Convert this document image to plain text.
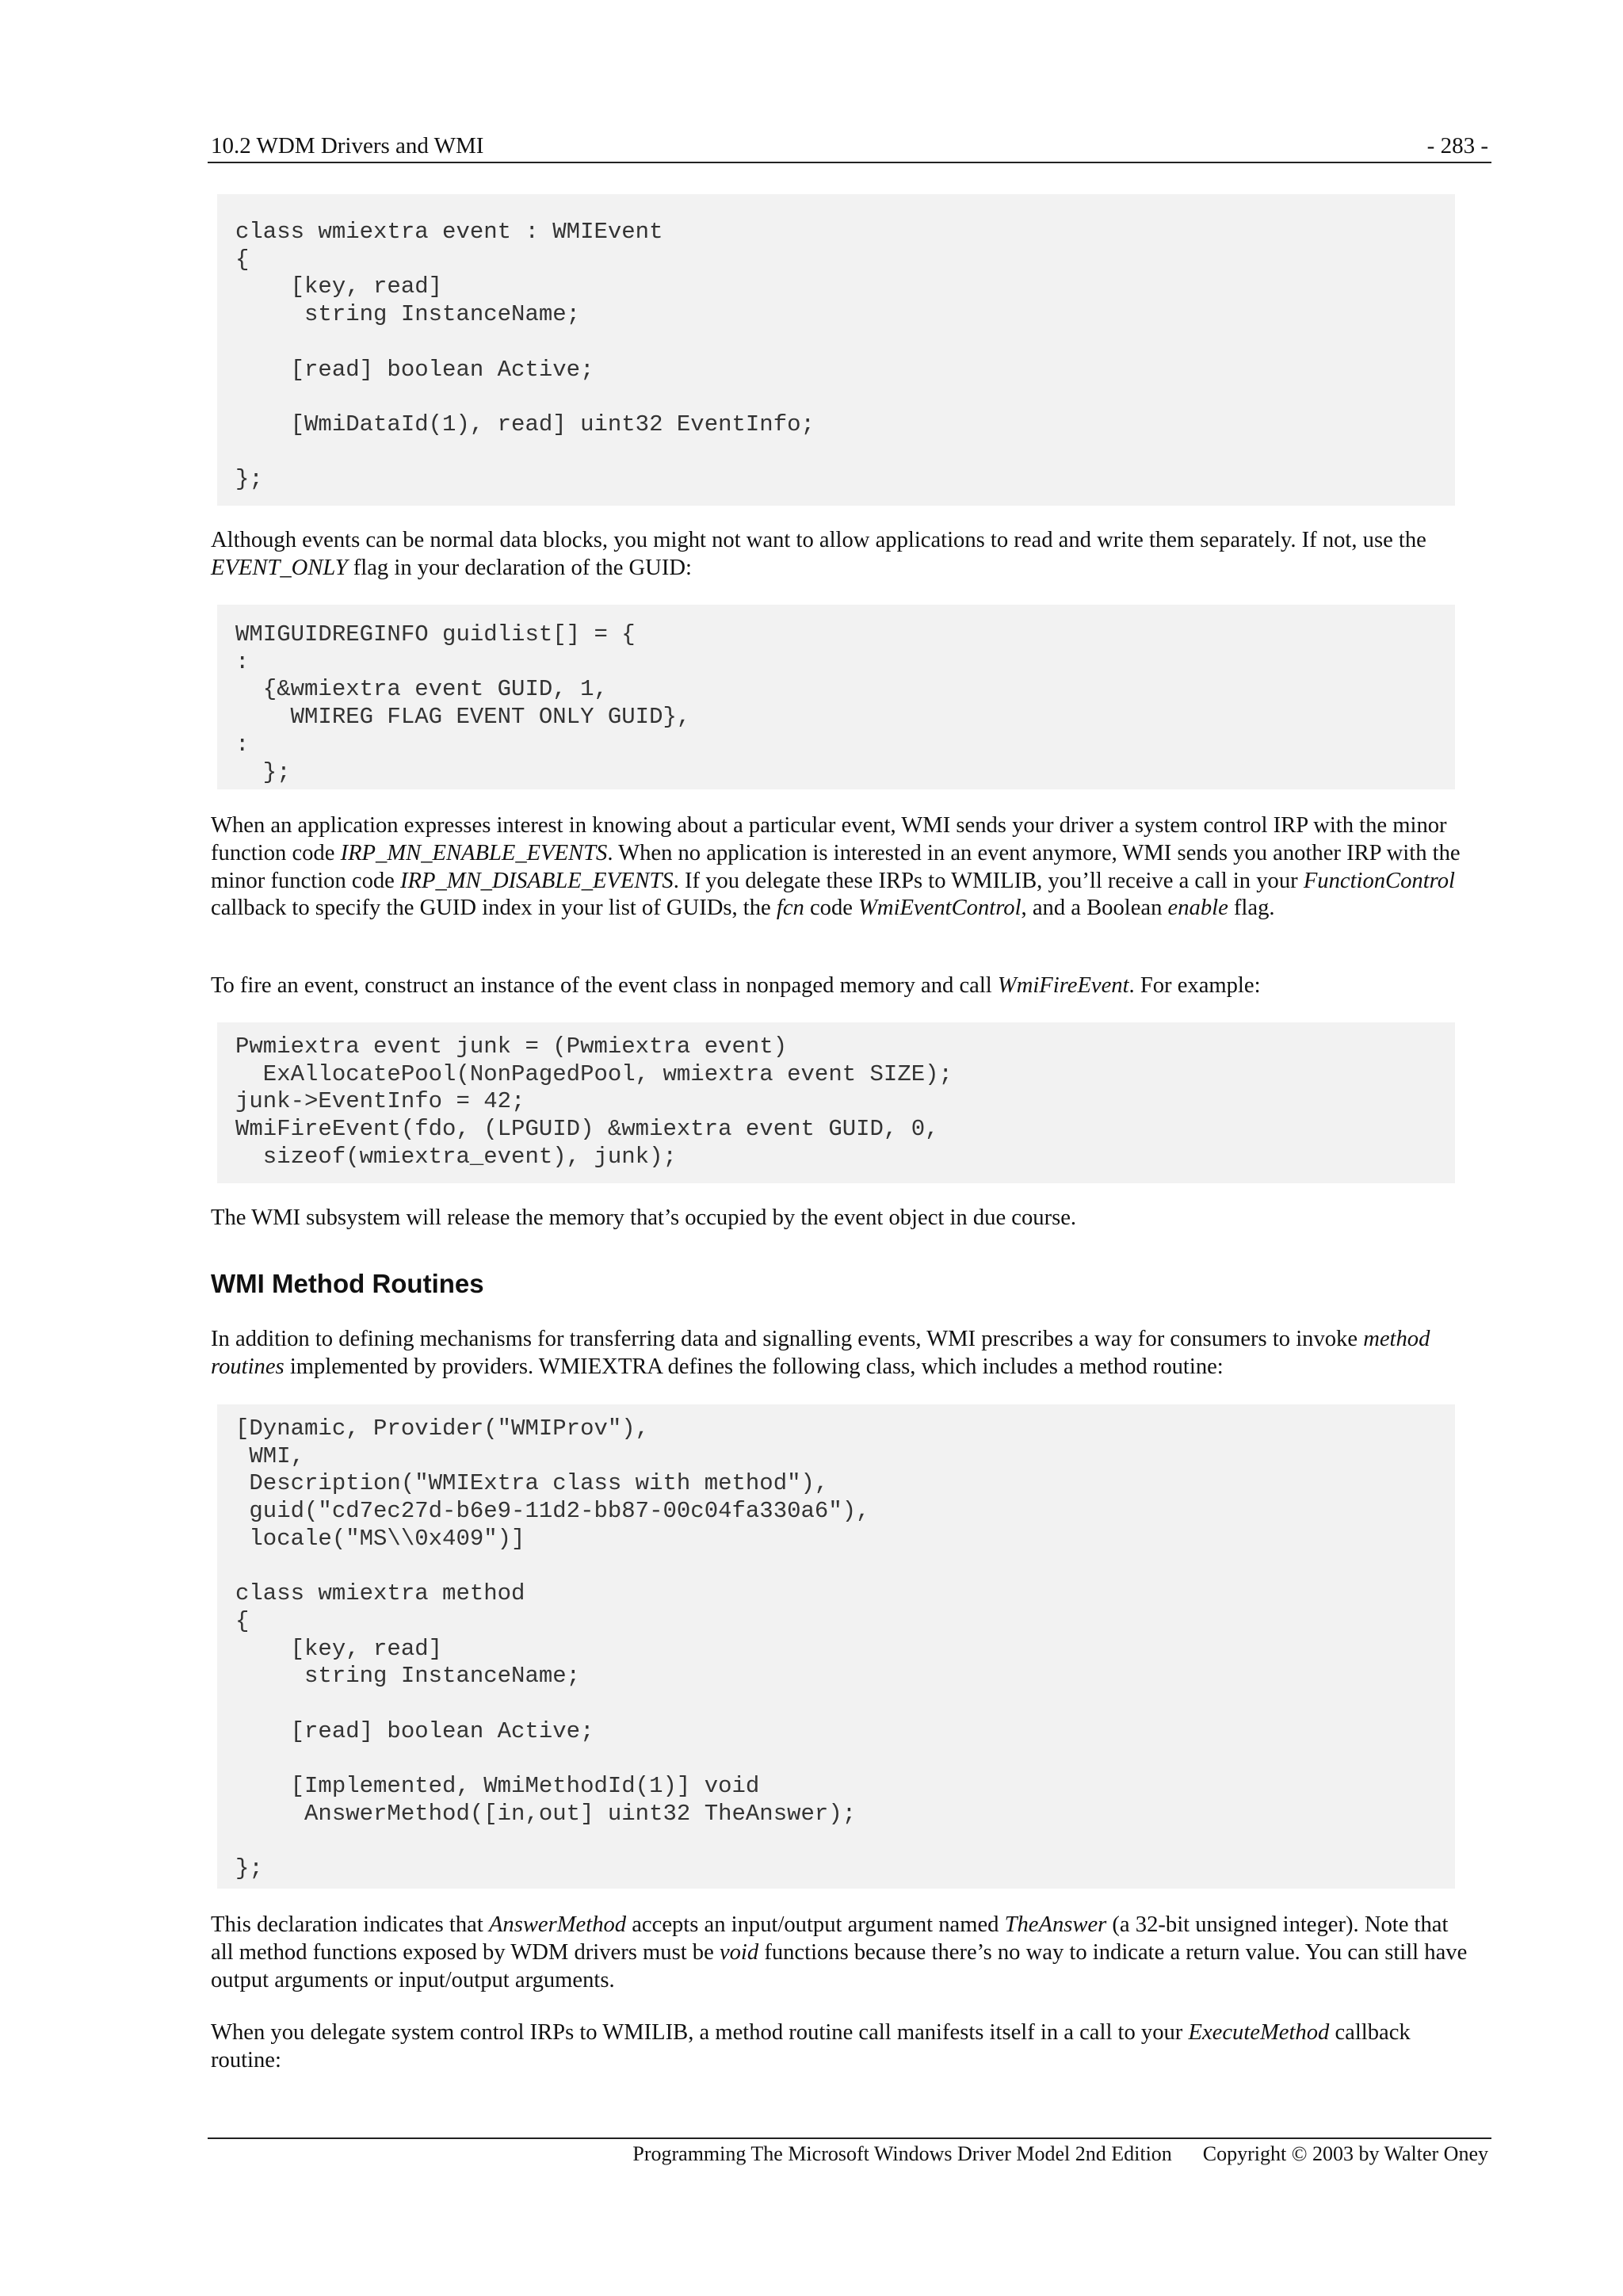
10.2 WDM Drivers and WMI	- 283 -
class wmiextra event : WMIEvent
{
[key, read]
string InstanceName;

[read] boolean Active;

[WmiDataId(1), read] uint32 EventInfo;

};

Although events can be normal data blocks, you might not want to allow applications to read and write them separately. If not, use the EVENT_ONLY flag in your declaration of the GUID:

WMIGUIDREGINFO guidlist[] = {
:
{&wmiextra event GUID, 1,
WMIREG FLAG EVENT ONLY GUID},
:
};

When an application expresses interest in knowing about a particular event, WMI sends your driver a system control IRP with the minor function code IRP_MN_ENABLE_EVENTS. When no application is interested in an event anymore, WMI sends you another IRP with the minor function code IRP_MN_DISABLE_EVENTS. If you delegate these IRPs to WMILIB, you’ll receive a call in your FunctionControl callback to specify the GUID index in your list of GUIDs, the fcn code WmiEventControl, and a Boolean enable flag.

To fire an event, construct an instance of the event class in nonpaged memory and call WmiFireEvent. For example:

Pwmiextra event junk = (Pwmiextra event)
ExAllocatePool(NonPagedPool, wmiextra event SIZE);
junk->EventInfo = 42;
WmiFireEvent(fdo, (LPGUID) &wmiextra event GUID, 0,
sizeof(wmiextra_event), junk);

The WMI subsystem will release the memory that’s occupied by the event object in due course.

WMI Method Routines

In addition to defining mechanisms for transferring data and signalling events, WMI prescribes a way for consumers to invoke method routines implemented by providers. WMIEXTRA defines the following class, which includes a method routine:

[Dynamic, Provider("WMIProv"),
WMI,
Description("WMIExtra class with method"),
guid("cd7ec27d-b6e9-11d2-bb87-00c04fa330a6"),
locale("MS\\0x409")]

class wmiextra method
{
[key, read]
string InstanceName;

[read] boolean Active;

[Implemented, WmiMethodId(1)] void
AnswerMethod([in,out] uint32 TheAnswer);

};

This declaration indicates that AnswerMethod accepts an input/output argument named TheAnswer (a 32-bit unsigned integer). Note that all method functions exposed by WDM drivers must be void functions because there’s no way to indicate a return value. You can still have output arguments or input/output arguments.

When you delegate system control IRPs to WMILIB, a method routine call manifests itself in a call to your ExecuteMethod callback routine:

Programming The Microsoft Windows Driver Model 2nd Edition Copyright © 2003 by Walter Oney
